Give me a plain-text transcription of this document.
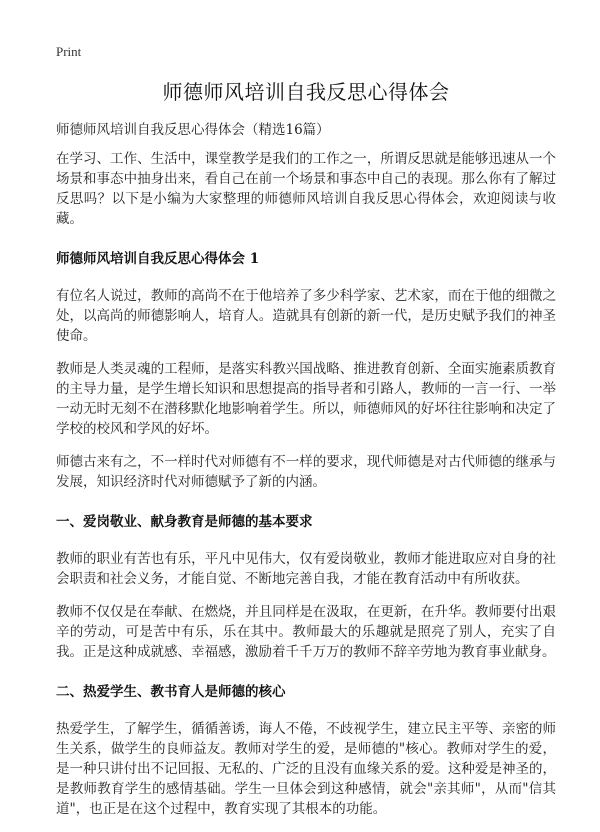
Print
师德师风培训自我反思心得体会

师德师风培训自我反思心得体会（精选16篇）

在学习、工作、生活中，课堂教学是我们的工作之一，所谓反思就是能够迅速从一个场景和事态中抽身出来，看自己在前一个场景和事态中自己的表现。那么你有了解过反思吗？以下是小编为大家整理的师德师风培训自我反思心得体会，欢迎阅读与收藏。

师德师风培训自我反思心得体会 1

有位名人说过，教师的高尚不在于他培养了多少科学家、艺术家，而在于他的细微之处，以高尚的师德影响人，培育人。造就具有创新的新一代，是历史赋予我们的神圣使命。

教师是人类灵魂的工程师，是落实科教兴国战略、推进教育创新、全面实施素质教育的主导力量，是学生增长知识和思想提高的指导者和引路人，教师的一言一行、一举一动无时无刻不在潜移默化地影响着学生。所以，师德师风的好坏往往影响和决定了学校的校风和学风的好坏。

师德古来有之，不一样时代对师德有不一样的要求，现代师德是对古代师德的继承与发展，知识经济时代对师德赋予了新的内涵。

一、爱岗敬业、献身教育是师德的基本要求

教师的职业有苦也有乐，平凡中见伟大，仅有爱岗敬业，教师才能进取应对自身的社会职责和社会义务，才能自觉、不断地完善自我，才能在教育活动中有所收获。

教师不仅仅是在奉献、在燃烧，并且同样是在汲取，在更新，在升华。教师要付出艰辛的劳动，可是苦中有乐，乐在其中。教师最大的乐趣就是照亮了别人，充实了自我。正是这种成就感、幸福感，激励着千千万万的教师不辞辛劳地为教育事业献身。

二、热爱学生、教书育人是师德的核心

热爱学生，了解学生，循循善诱，诲人不倦，不歧视学生，建立民主平等、亲密的师生关系，做学生的良师益友。教师对学生的爱，是师德的"核心。教师对学生的爱，是一种只讲付出不记回报、无私的、广泛的且没有血缘关系的爱。这种爱是神圣的，是教师教育学生的感情基础。学生一旦体会到这种感情，就会"亲其师"，从而"信其道"，也正是在这个过程中，教育实现了其根本的功能。
